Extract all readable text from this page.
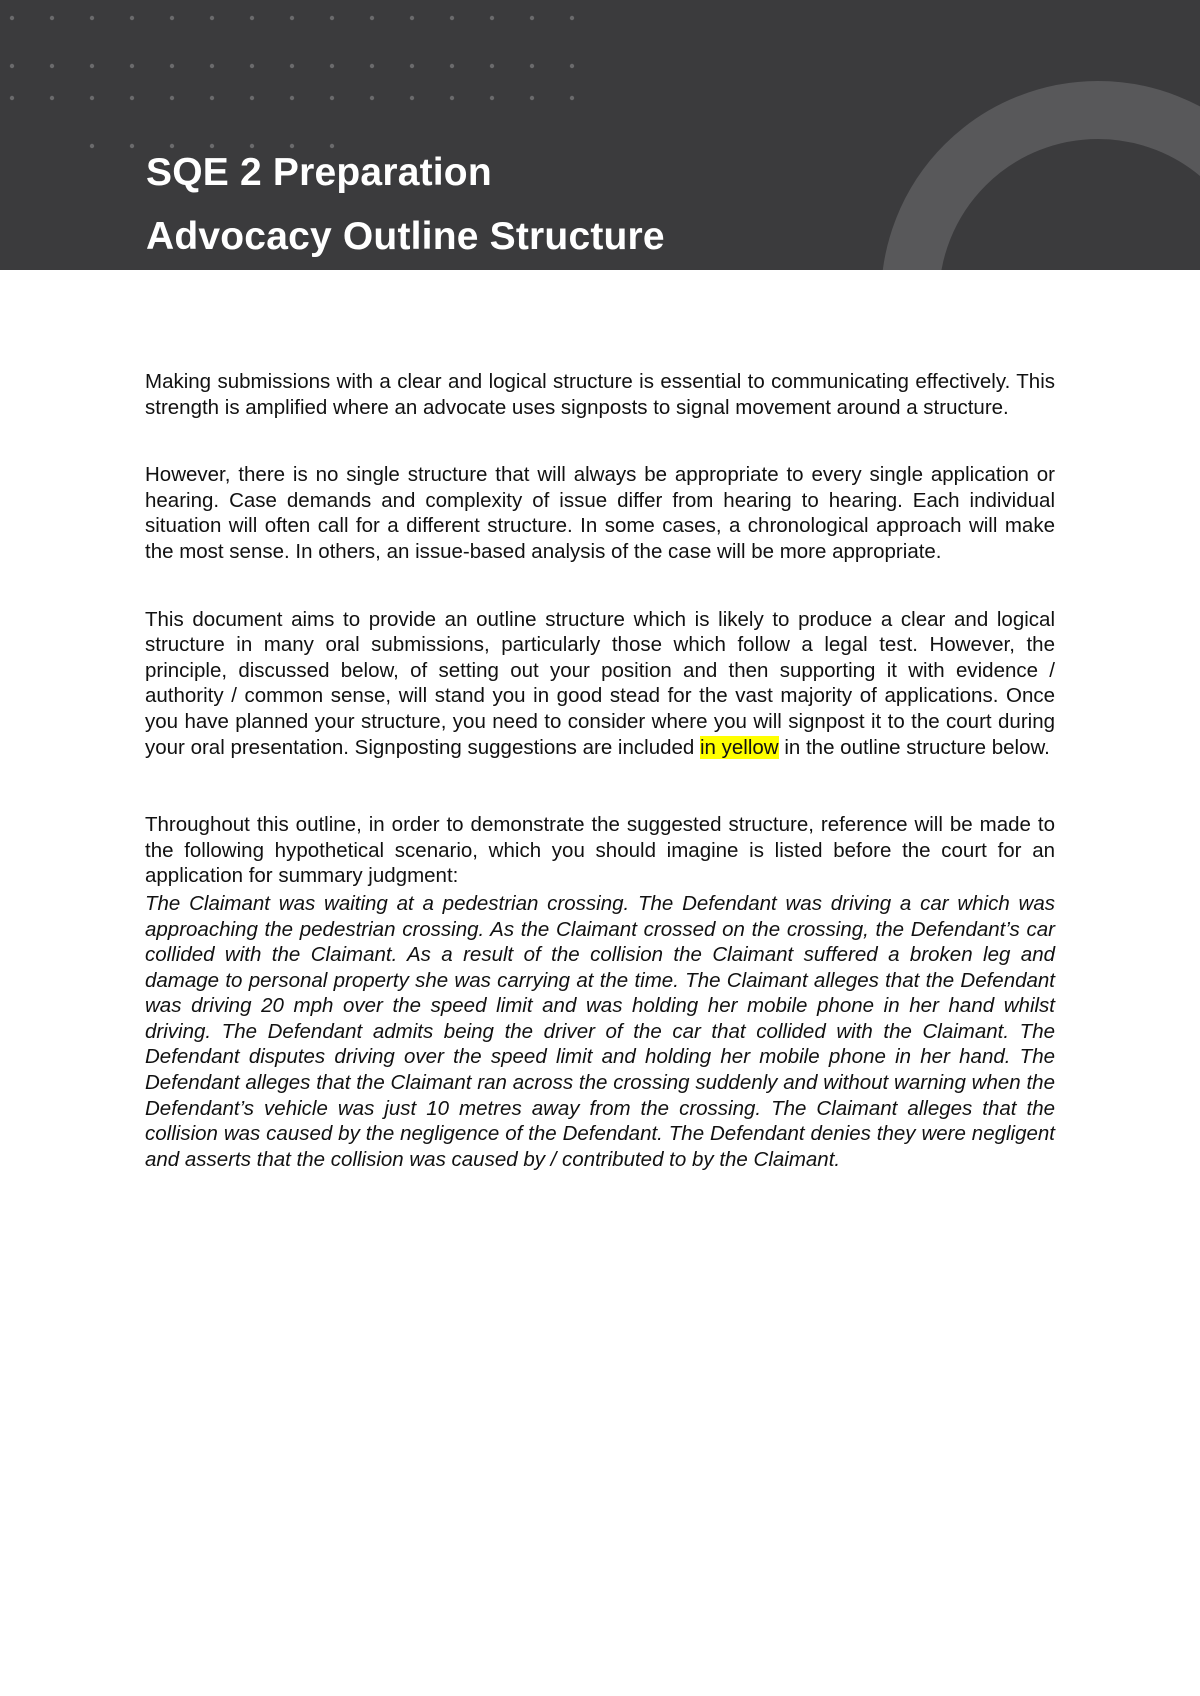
SQE 2 Preparation
Advocacy Outline Structure

Making submissions with a clear and logical structure is essential to communicating effectively. This strength is amplified where an advocate uses signposts to signal movement around a structure.

However, there is no single structure that will always be appropriate to every single application or hearing. Case demands and complexity of issue differ from hearing to hearing. Each individual situation will often call for a different structure. In some cases, a chronological approach will make the most sense. In others, an issue-based analysis of the case will be more appropriate.

This document aims to provide an outline structure which is likely to produce a clear and logical structure in many oral submissions, particularly those which follow a legal test. However, the principle, discussed below, of setting out your position and then supporting it with evidence / authority / common sense, will stand you in good stead for the vast majority of applications. Once you have planned your structure, you need to consider where you will signpost it to the court during your oral presentation. Signposting suggestions are included in yellow in the outline structure below.

Throughout this outline, in order to demonstrate the suggested structure, reference will be made to the following hypothetical scenario, which you should imagine is listed before the court for an application for summary judgment:

The Claimant was waiting at a pedestrian crossing. The Defendant was driving a car which was approaching the pedestrian crossing. As the Claimant crossed on the crossing, the Defendant’s car collided with the Claimant. As a result of the collision the Claimant suffered a broken leg and damage to personal property she was carrying at the time. The Claimant alleges that the Defendant was driving 20 mph over the speed limit and was holding her mobile phone in her hand whilst driving. The Defendant admits being the driver of the car that collided with the Claimant. The Defendant disputes driving over the speed limit and holding her mobile phone in her hand. The Defendant alleges that the Claimant ran across the crossing suddenly and without warning when the Defendant’s vehicle was just 10 metres away from the crossing. The Claimant alleges that the collision was caused by the negligence of the Defendant. The Defendant denies they were negligent and asserts that the collision was caused by / contributed to by the Claimant.
